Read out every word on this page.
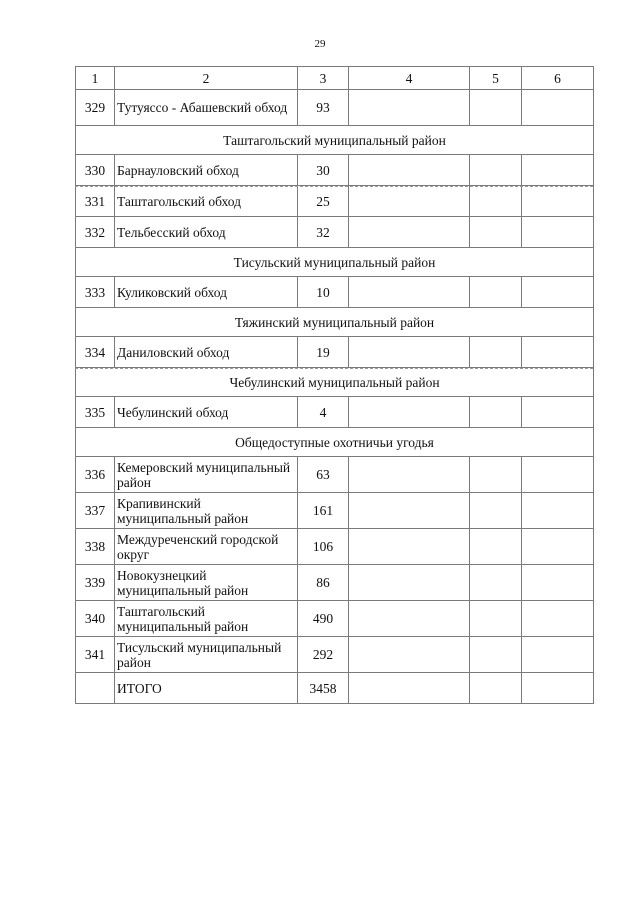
29
1	2	3	4	5	6
329	Тутуяссо - Абашевский обход	93			
Таштагольский муниципальный район					
330	Барнауловский обход	30			
331	Таштагольский обход	25			
332	Тельбесский обход	32			
Тисульский муниципальный район					
333	Куликовский обход	10			
Тяжинский муниципальный район					
334	Даниловский обход	19			
Чебулинский муниципальный район					
335	Чебулинский обход	4			
Общедоступные охотничьи угодья					
336	Кемеровский муниципальный район	63			
337	Крапивинский муниципальный район	161			
338	Междуреченский городской округ	106			
339	Новокузнецкий муниципальный район	86			
340	Таштагольский муниципальный район	490			
341	Тисульский муниципальный район	292			
	ИТОГО	3458			
